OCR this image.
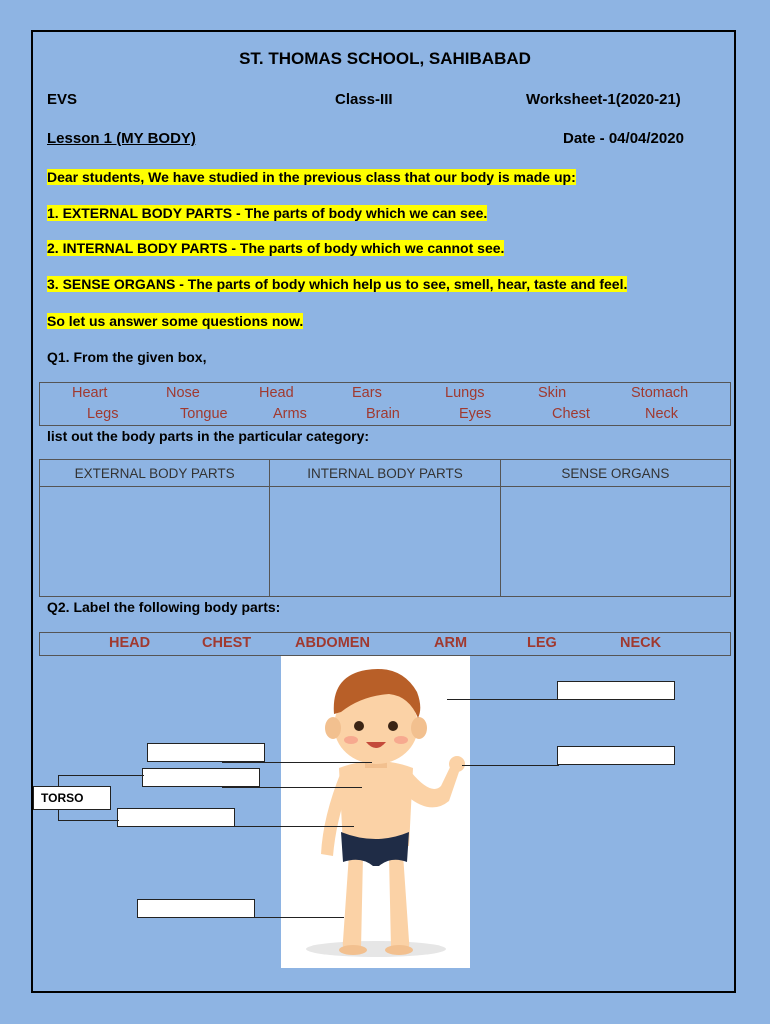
ST. THOMAS SCHOOL, SAHIBABAD
EVS	Class-III	Worksheet-1(2020-21)
Lesson 1 (MY BODY)	Date - 04/04/2020
Dear students, We have studied in the previous class that our body is made up:
1. EXTERNAL BODY PARTS - The parts of body which we can see.
2. INTERNAL BODY PARTS - The parts of body which we cannot see.
3. SENSE ORGANS - The parts of body which help us to see, smell, hear, taste and feel.
So let us answer some questions now.
Q1. From the given box,
Heart	Nose	Head	Ears	Lungs	Skin	Stomach
Legs	Tongue	Arms	Brain	Eyes	Chest	Neck
list out the body parts in the particular category:
EXTERNAL BODY PARTS	INTERNAL BODY PARTS	SENSE ORGANS

Q2. Label the following body parts:
HEAD	CHEST	ABDOMEN	ARM	LEG	NECK
TORSO
